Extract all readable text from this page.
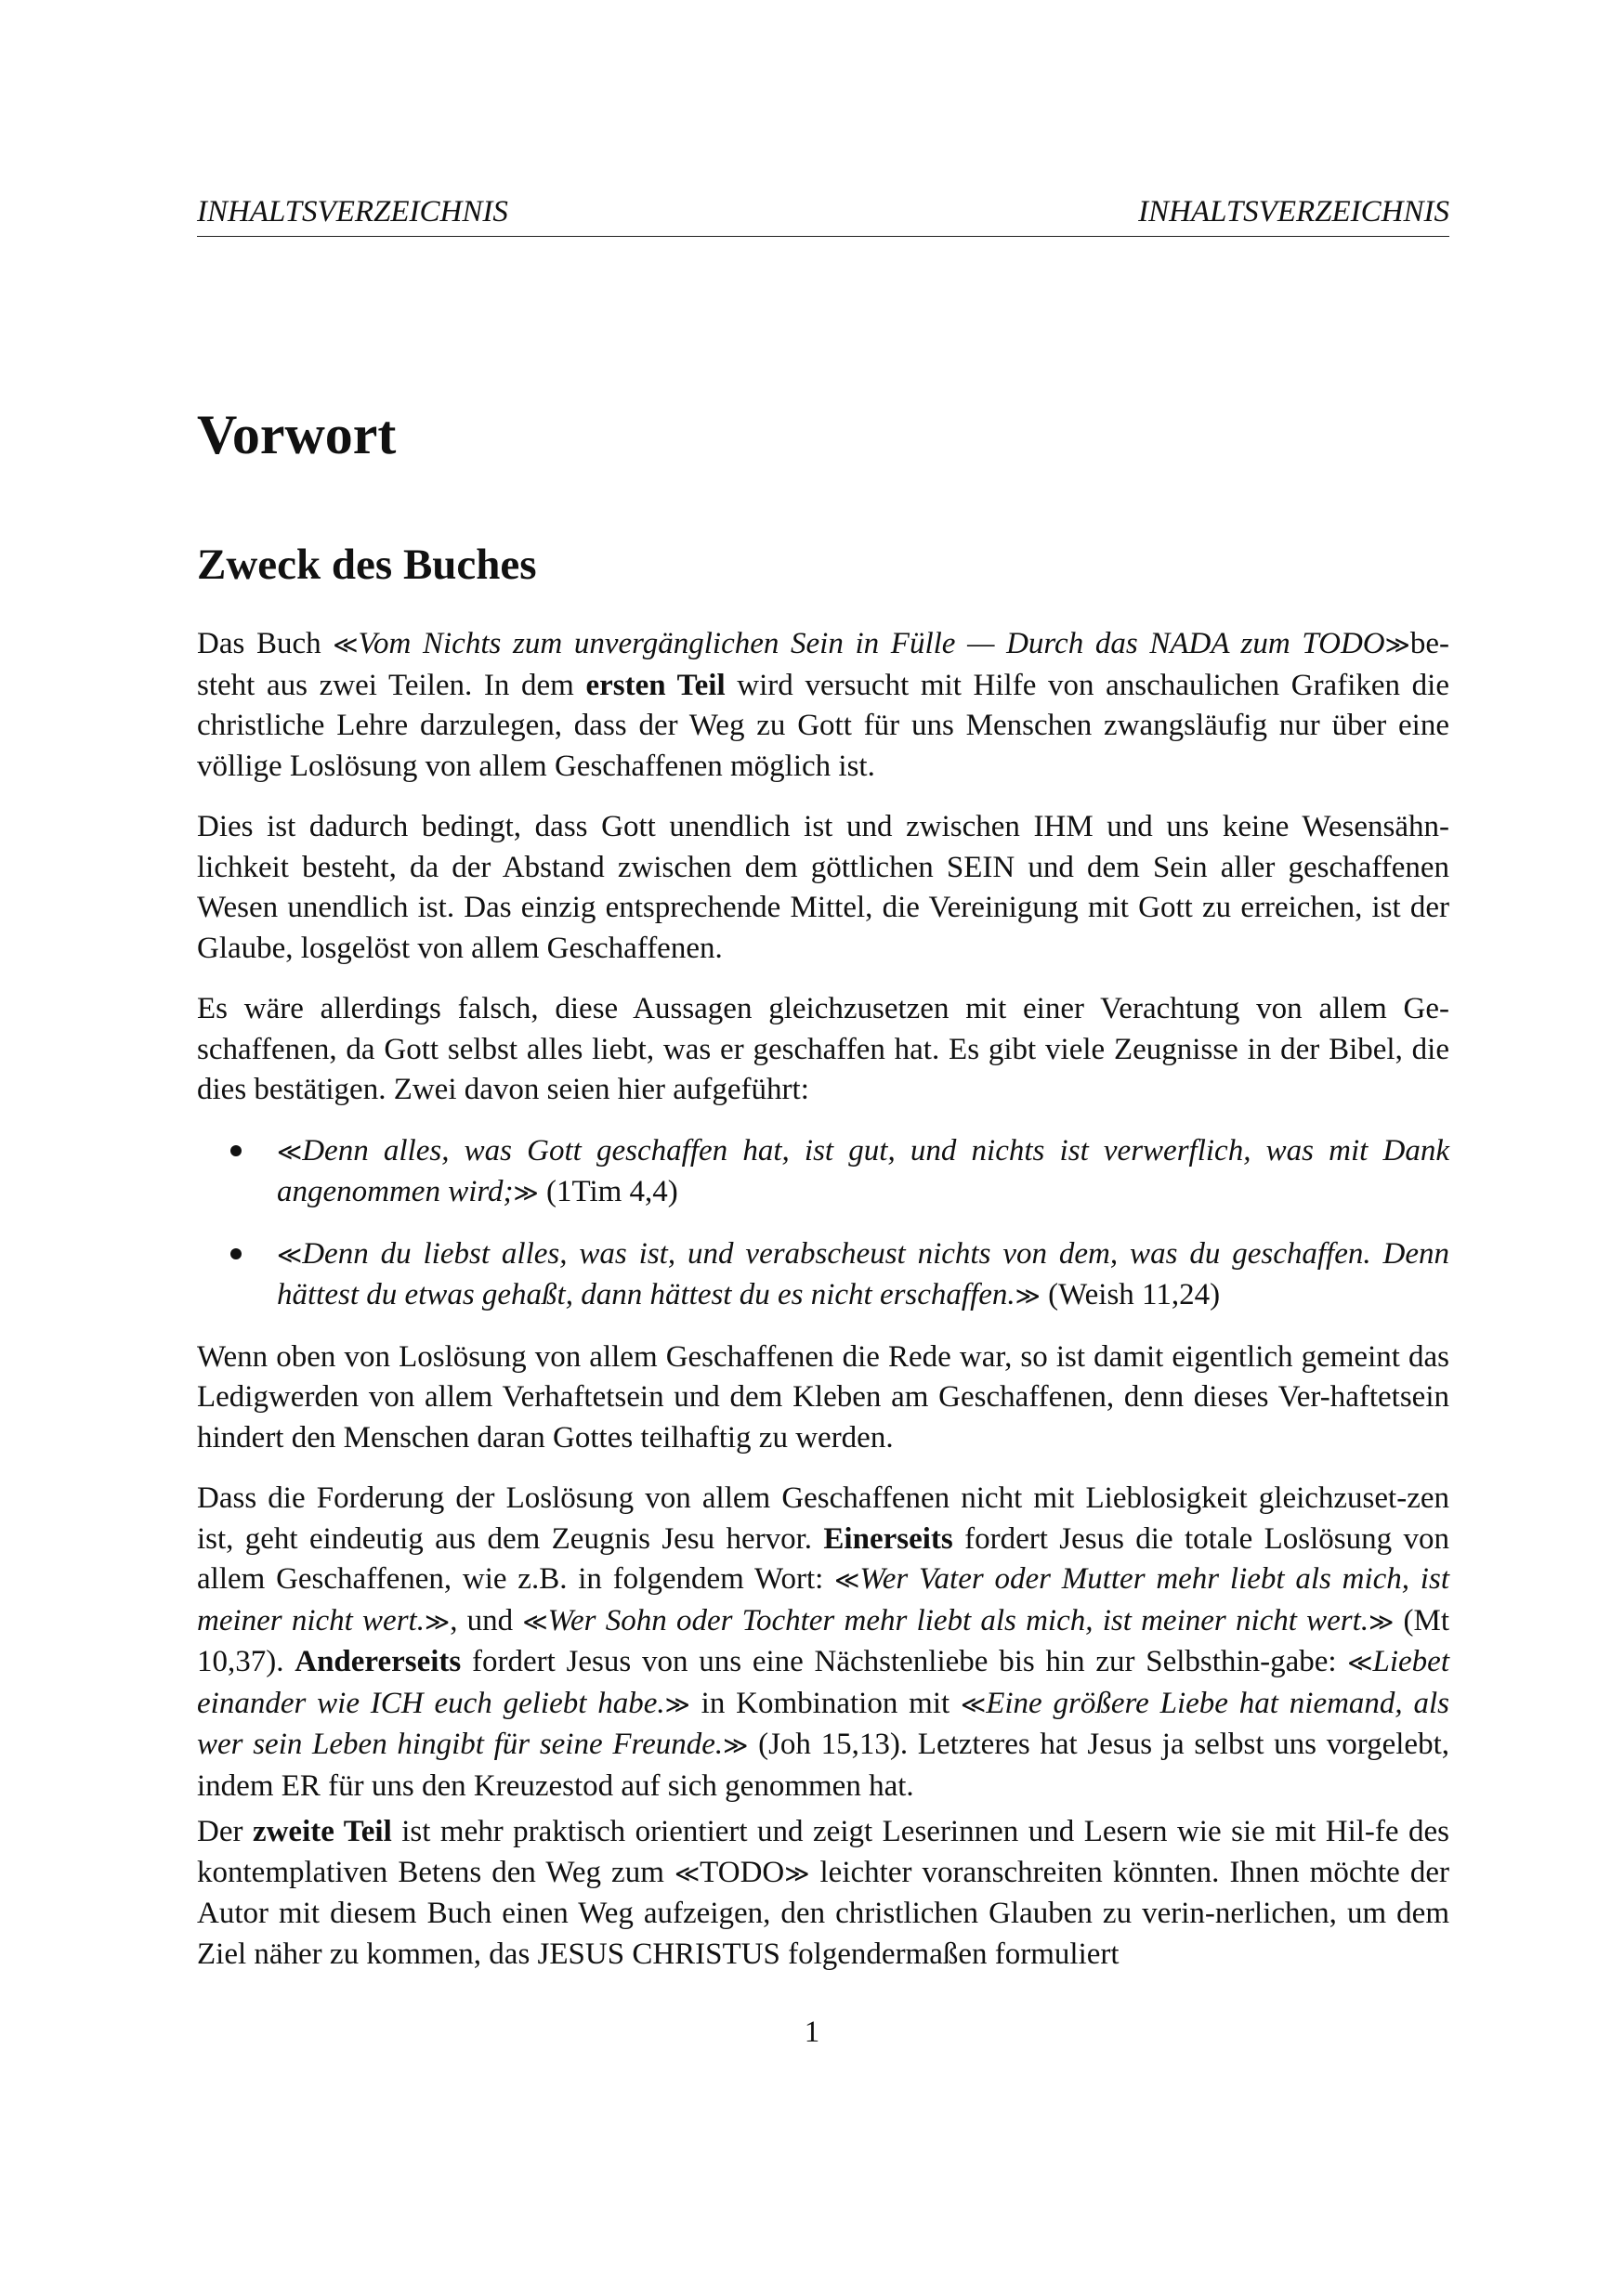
INHALTSVERZEICHNIS	INHALTSVERZEICHNIS
Vorwort
Zweck des Buches

Das Buch ≪Vom Nichts zum unvergänglichen Sein in Fülle — Durch das NADA zum TODO≫be-steht aus zwei Teilen. In dem ersten Teil wird versucht mit Hilfe von anschaulichen Grafiken die christliche Lehre darzulegen, dass der Weg zu Gott für uns Menschen zwangsläufig nur über eine völlige Loslösung von allem Geschaffenen möglich ist.

Dies ist dadurch bedingt, dass Gott unendlich ist und zwischen IHM und uns keine Wesensähn-lichkeit besteht, da der Abstand zwischen dem göttlichen SEIN und dem Sein aller geschaffenen Wesen unendlich ist. Das einzig entsprechende Mittel, die Vereinigung mit Gott zu erreichen, ist der Glaube, losgelöst von allem Geschaffenen.

Es wäre allerdings falsch, diese Aussagen gleichzusetzen mit einer Verachtung von allem Ge-schaffenen, da Gott selbst alles liebt, was er geschaffen hat. Es gibt viele Zeugnisse in der Bibel, die dies bestätigen. Zwei davon seien hier aufgeführt:

≪Denn alles, was Gott geschaffen hat, ist gut, und nichts ist verwerflich, was mit Dank angenommen wird;≫ (1Tim 4,4)
≪Denn du liebst alles, was ist, und verabscheust nichts von dem, was du geschaffen. Denn hättest du etwas gehaßt, dann hättest du es nicht erschaffen.≫ (Weish 11,24)

Wenn oben von Loslösung von allem Geschaffenen die Rede war, so ist damit eigentlich gemeint das Ledigwerden von allem Verhaftetsein und dem Kleben am Geschaffenen, denn dieses Ver-haftetsein hindert den Menschen daran Gottes teilhaftig zu werden.

Dass die Forderung der Loslösung von allem Geschaffenen nicht mit Lieblosigkeit gleichzuset-zen ist, geht eindeutig aus dem Zeugnis Jesu hervor. Einerseits fordert Jesus die totale Loslösung von allem Geschaffenen, wie z.B. in folgendem Wort: ≪Wer Vater oder Mutter mehr liebt als mich, ist meiner nicht wert.≫, und ≪Wer Sohn oder Tochter mehr liebt als mich, ist meiner nicht wert.≫ (Mt 10,37). Andererseits fordert Jesus von uns eine Nächstenliebe bis hin zur Selbsthin-gabe: ≪Liebet einander wie ICH euch geliebt habe.≫ in Kombination mit ≪Eine größere Liebe hat niemand, als wer sein Leben hingibt für seine Freunde.≫ (Joh 15,13). Letzteres hat Jesus ja selbst uns vorgelebt, indem ER für uns den Kreuzestod auf sich genommen hat.

Der zweite Teil ist mehr praktisch orientiert und zeigt Leserinnen und Lesern wie sie mit Hil-fe des kontemplativen Betens den Weg zum ≪TODO≫ leichter voranschreiten könnten. Ihnen möchte der Autor mit diesem Buch einen Weg aufzeigen, den christlichen Glauben zu verin-nerlichen, um dem Ziel näher zu kommen, das JESUS CHRISTUS folgendermaßen formuliert

1
